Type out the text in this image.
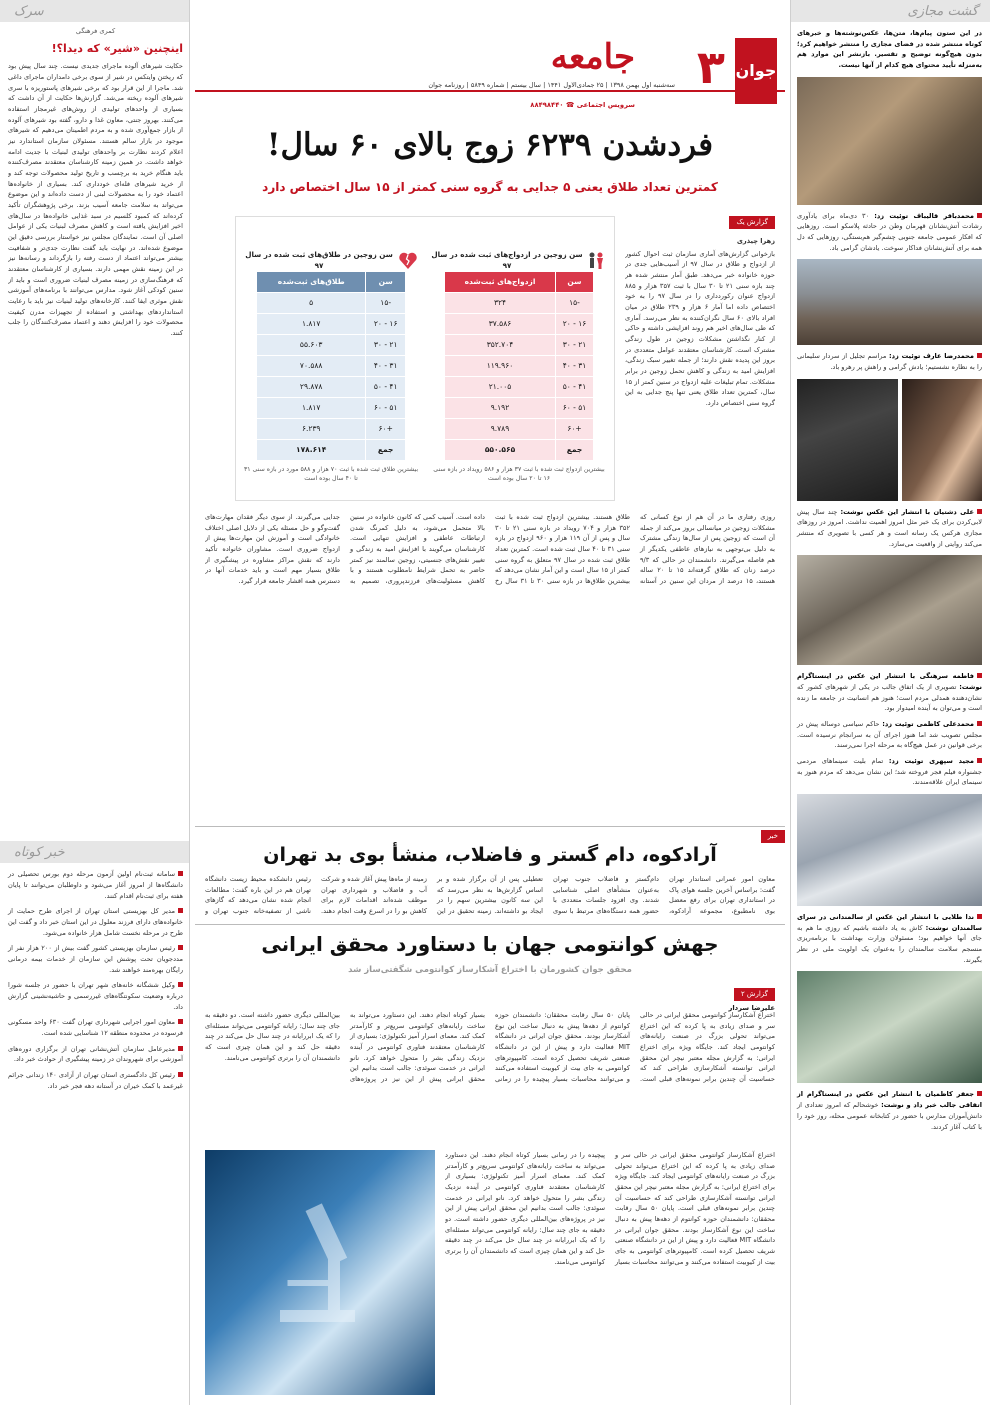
گشت مجازی

در این ستون پیام‌ها، متن‌ها، عکس‌نوشته‌ها و خبرهای کوتاه منتشر شده در فضای مجازی را منتشر خواهیم کرد؛ بدون هیچ‌گونه توضیح و تفسیر. بازنشر این موارد هم به‌منزله تأیید محتوای هیچ کدام از آنها نیست.

محمدباقر قالیباف توئیت زد: ۳۰ دی‌ماه برای یادآوری رشادت آتش‌نشانان قهرمان وطن در حادثه پلاسکو است. روزهایی که افکار عمومی جامعه جنوبی چشم‌گیر هم‌بستگی، روزهایی که دل همه برای آتش‌نشانان فداکار سوخت. یادشان گرامی باد.
محمدرضا عارف توئیت زد: مراسم تجلیل از سردار سلیمانی را به نظاره نشستیم؛ یادش گرامی و راهش پر رهرو باد.
علی دشتیان با انتشار این عکس نوشت: چند سال پیش لابی‌کردن برای یک خبر مثل امروز اهمیت نداشت. امروز در روزهای مجازی هرکس یک رسانه است و هر کسی با تصویری که منتشر می‌کند روایتی از واقعیت می‌سازد.
فاطمه سرهنگی با انتشار این عکس در اینستاگرام نوشت: تصویری از یک اتفاق جالب در یکی از شهرهای کشور که نشان‌دهنده همدلی مردم است؛ هنوز هم انسانیت در جامعه ما زنده است و می‌توان به آینده امیدوار بود.
محمدعلی کاظمی توئیت زد: حاکم سیاسی دوساله پیش در مجلس تصویب شد اما هنوز اجرای آن به سرانجام نرسیده است. برخی قوانین در عمل هیچ‌گاه به مرحله اجرا نمی‌رسند.
مجید سپهری توئیت زد: تمام بلیت سینماهای مردمی جشنواره فیلم فجر فروخته شد؛ این نشان می‌دهد که مردم هنوز به سینمای ایران علاقه‌مندند.
ندا طلایی با انتشار این عکس از سالمندانی در سرای سالمندان نوشت: کاش به یاد داشته باشیم که روزی ما هم به جای آنها خواهیم بود؛ مسئولان وزارت بهداشت با برنامه‌ریزی منسجم سلامت سالمندان را به‌عنوان یک اولویت ملی در نظر بگیرند.
جعفر کاظمیان با انتشار این عکس در اینستاگرام از اتفاقی جالب خبر داد و نوشت: خوشحالم که امروز تعدادی از دانش‌آموزان مدارس با حضور در کتابخانه عمومی محله، روز خود را با کتاب آغاز کردند.
سرک
کمری فرهنگی
اینچنین «شیر» که دیدا؟!

حکایت شیرهای آلوده ماجرای جدیدی نیست. چند سال پیش بود که ریختن وایتکس در شیر از سوی برخی دامداران ماجرای داغی شد. ماجرا از این قرار بود که برخی شیرهای پاستوریزه با سری شیرهای آلوده ریخته می‌شد. گزارش‌ها حکایت از آن داشت که بسیاری از واحدهای تولیدی از روش‌های غیرمجاز استفاده می‌کنند. بهروز جنتی، معاون غذا و دارو، گفته بود شیرهای آلوده از بازار جمع‌آوری شده و به مردم اطمینان می‌دهیم که شیرهای موجود در بازار سالم هستند. مسئولان سازمان استاندارد نیز اعلام کردند نظارت بر واحدهای تولیدی لبنیات با جدیت ادامه خواهد داشت. در همین زمینه کارشناسان معتقدند مصرف‌کننده باید هنگام خرید به برچسب و تاریخ تولید محصولات توجه کند و از خرید شیرهای فله‌ای خودداری کند. بسیاری از خانواده‌ها اعتماد خود را به محصولات لبنی از دست داده‌اند و این موضوع می‌تواند به سلامت جامعه آسیب بزند. برخی پژوهشگران تأکید کرده‌اند که کمبود کلسیم در سبد غذایی خانواده‌ها در سال‌های اخیر افزایش یافته است و کاهش مصرف لبنیات یکی از عوامل اصلی آن است. نمایندگان مجلس نیز خواستار بررسی دقیق این موضوع شده‌اند. در نهایت باید گفت نظارت جدی‌تر و شفافیت بیشتر می‌تواند اعتماد از دست رفته را بازگرداند و رسانه‌ها نیز در این زمینه نقش مهمی دارند. بسیاری از کارشناسان معتقدند که فرهنگ‌سازی در زمینه مصرف لبنیات ضروری است و باید از سنین کودکی آغاز شود. مدارس می‌توانند با برنامه‌های آموزشی نقش موثری ایفا کنند. کارخانه‌های تولید لبنیات نیز باید با رعایت استانداردهای بهداشتی و استفاده از تجهیزات مدرن کیفیت محصولات خود را افزایش دهند و اعتماد مصرف‌کنندگان را جلب کنند.

خبر کوتاه
سامانه ثبت‌نام اولین آزمون مرحله دوم بورس تحصیلی در دانشگاه‌ها از امروز آغاز می‌شود و داوطلبان می‌توانند تا پایان هفته برای ثبت‌نام اقدام کنند.
مدیر کل بهزیستی استان تهران از اجرای طرح حمایت از خانواده‌های دارای فرزند معلول در این استان خبر داد و گفت این طرح در مرحله نخست شامل هزار خانواده می‌شود.
رئیس سازمان بهزیستی کشور گفت بیش از ۲۰۰ هزار نفر از مددجویان تحت پوشش این سازمان از خدمات بیمه درمانی رایگان بهره‌مند خواهند شد.
وکیل ششگانه خانه‌های شهر تهران با حضور در جلسه شورا درباره وضعیت سکونتگاه‌های غیررسمی و حاشیه‌نشینی گزارش داد.
معاون امور اجرایی شهرداری تهران گفت ۶۳۰ واحد مسکونی فرسوده در محدوده منطقه ۱۲ شناسایی شده است.
مدیرعامل سازمان آتش‌نشانی تهران از برگزاری دوره‌های آموزشی برای شهروندان در زمینه پیشگیری از حوادث خبر داد.
رئیس کل دادگستری استان تهران از آزادی ۱۴۰ زندانی جرائم غیرعمد با کمک خیران در آستانه دهه فجر خبر داد.
جوان
۳
جامعه
سه‌شنبه اول بهمن ۱۳۹۸ | ۲۵ جمادی‌الاول ۱۴۴۱ | سال بیستم | شماره ۵۸۴۹ | روزنامه جوان
سرویس اجتماعی ☎ ۸۸۴۹۸۴۴۰
فردشدن ۶۲۳۹ زوج بالای ۶۰ سال!
کمترین تعداد طلاق یعنی ۵ جدایی به گروه سنی کمتر از ۱۵ سال اختصاص دارد
گزارش یک
زهرا چیذری
بازخوانی گزارش‌های آماری سازمان ثبت احوال کشور از ازدواج و طلاق در سال ۹۷ از آسیب‌هایی جدی در حوزه خانواده خبر می‌دهد. طبق آمار منتشر شده هر چند بازه سنی ۲۱ تا ۳۰ سال با ثبت ۳۵۷ هزار و ۸۸۵ ازدواج عنوان رکوردداری را در سال ۹۷ را به خود اختصاص داده اما آمار ۶ هزار و ۲۳۹ طلاق در میان افراد بالای ۶۰ سال نگران‌کننده به نظر می‌رسد. آماری که طی سال‌های اخیر هم روند افزایشی داشته و حاکی از کنار نگذاشتن مشکلات زوجین در طول زندگی مشترک است. کارشناسان معتقدند عوامل متعددی در بروز این پدیده نقش دارند؛ از جمله تغییر سبک زندگی، افزایش امید به زندگی و کاهش تحمل زوجین در برابر مشکلات. تمام تبلیغات علیه ازدواج در سنین کمتر از ۱۵ سال، کمترین تعداد طلاق یعنی تنها پنج جدایی به این گروه سنی اختصاص دارد.
سن زوجین در ازدواج‌های ثبت شده در سال ۹۷
سن	ازدواج‌های ثبت‌شده
-۱۵	۳۲۴
۱۶ - ۲۰	۳۷.۵۸۶
۲۱ - ۳۰	۳۵۲.۷۰۴
۳۱ - ۴۰	۱۱۹.۹۶۰
۴۱ - ۵۰	۲۱.۰۰۵
۵۱ - ۶۰	۹.۱۹۲
+۶۰	۹.۷۸۹
جمع	۵۵۰.۵۶۵
بیشترین ازدواج ثبت شده با ثبت ۳۷ هزار و ۵۸۶ رویداد در بازه سنی ۱۶ تا ۲۰ سال بوده است
سن زوجین در طلاق‌های ثبت شده در سال ۹۷
سن	طلاق‌های ثبت‌شده
-۱۵	۵
۱۶ - ۲۰	۱.۸۱۷
۲۱ - ۳۰	۵۵.۶۰۳
۳۱ - ۴۰	۷۰.۵۸۸
۴۱ - ۵۰	۲۹.۸۷۸
۵۱ - ۶۰	۱.۸۱۷
+۶۰	۶.۲۳۹
جمع	۱۷۸.۶۱۴
بیشترین طلاق ثبت شده با ثبت ۷۰ هزار و ۵۸۸ مورد در بازه سنی ۳۱ تا ۴۰ سال بوده است
روزی رفتاری ما در آن هم از نوع کسانی که مشکلات زوجین در میانسالی بروز می‌کند از جمله آن است که زوجین پس از سال‌ها زندگی مشترک به دلیل بی‌توجهی به نیازهای عاطفی یکدیگر از هم فاصله می‌گیرند. دانشمندان در حالی که ۹/۳ درصد زنان که طلاق گرفته‌اند ۱۵ تا ۲۰ ساله هستند، ۱۵ درصد از مردان این سنین در آستانه طلاق هستند. بیشترین ازدواج ثبت شده با ثبت ۳۵۲ هزار و ۷۰۴ رویداد در بازه سنی ۲۱ تا ۳۰ سال و پس از آن ۱۱۹ هزار و ۹۶۰ ازدواج در بازه سنی ۳۱ تا ۴۰ سال ثبت شده است. کمترین تعداد طلاق ثبت شده در سال ۹۷ متعلق به گروه سنی کمتر از ۱۵ سال است و این آمار نشان می‌دهد که بیشترین طلاق‌ها در بازه سنی ۳۰ تا ۳۱ سال رخ داده است. آسیب کمی که کانون خانواده در سنین بالا متحمل می‌شود، به دلیل کمرنگ شدن ارتباطات عاطفی و افزایش تنهایی است. کارشناسان می‌گویند با افزایش امید به زندگی و تغییر نقش‌های جنسیتی، زوجین سالمند نیز کمتر حاضر به تحمل شرایط نامطلوب هستند و با کاهش مسئولیت‌های فرزندپروری، تصمیم به جدایی می‌گیرند. از سوی دیگر فقدان مهارت‌های گفت‌وگو و حل مسئله یکی از دلایل اصلی اختلاف خانوادگی است و آموزش این مهارت‌ها پیش از ازدواج ضروری است. مشاوران خانواده تأکید دارند که نقش مراکز مشاوره در پیشگیری از طلاق بسیار مهم است و باید خدمات آنها در دسترس همه اقشار جامعه قرار گیرد.
خبر
آرادکوه، دام گستر و فاضلاب، منشأ بوی بد تهران
معاون امور عمرانی استاندار تهران گفت: براساس آخرین جلسه هوای پاک در استانداری تهران برای رفع معضل بوی نامطبوع، مجموعه آرادکوه، دام‌گستر و فاضلاب جنوب تهران به‌عنوان منشأهای اصلی شناسایی شدند. وی افزود جلسات متعددی با حضور همه دستگاه‌های مرتبط با سوی تعطیلی پس از آن برگزار شده و بر اساس گزارش‌ها به نظر می‌رسد که این سه کانون بیشترین سهم را در ایجاد بو داشته‌اند. زمینه تحقیق در این زمینه از ماه‌ها پیش آغاز شده و شرکت آب و فاضلاب و شهرداری تهران موظف شده‌اند اقدامات لازم برای کاهش بو را در اسرع وقت انجام دهند. رئیس دانشکده محیط زیست دانشگاه تهران هم در این باره گفت: مطالعات انجام شده نشان می‌دهد که گازهای ناشی از تصفیه‌خانه جنوب تهران و
جهش کوانتومی جهان با دستاورد محقق ایرانی
محقق جوان کشورمان با اختراع آشکارساز کوانتومی شگفتی‌ساز شد
گزارش ۲
علیرضا سردار
اختراع آشکارساز کوانتومی محقق ایرانی در حالی سر و صدای زیادی به پا کرده که این اختراع می‌تواند تحولی بزرگ در صنعت رایانه‌های کوانتومی ایجاد کند. جایگاه ویژه برای اختراع ایرانی: به گزارش مجله معتبر نیچر این محقق ایرانی توانسته آشکارسازی طراحی کند که حساسیت آن چندین برابر نمونه‌های قبلی است. پایان ۵۰ سال رقابت محققان: دانشمندان حوزه کوانتوم از دهه‌ها پیش به دنبال ساخت این نوع آشکارساز بودند. محقق جوان ایرانی در دانشگاه MIT فعالیت دارد و پیش از این در دانشگاه صنعتی شریف تحصیل کرده است. کامپیوترهای کوانتومی به جای بیت از کیوبیت استفاده می‌کنند و می‌توانند محاسبات بسیار پیچیده را در زمانی بسیار کوتاه انجام دهند. این دستاورد می‌تواند به ساخت رایانه‌های کوانتومی سریع‌تر و کارآمدتر کمک کند. معمای اسرار آمیز تکنولوژی: بسیاری از کارشناسان معتقدند فناوری کوانتومی در آینده نزدیک زندگی بشر را متحول خواهد کرد. نانو ایرانی در خدمت سوئدی: جالب است بدانیم این محقق ایرانی پیش از این نیز در پروژه‌های بین‌المللی دیگری حضور داشته است. دو دقیقه به جای چند سال: رایانه کوانتومی می‌تواند مسئله‌ای را که یک ابررایانه در چند سال حل می‌کند در چند دقیقه حل کند و این همان چیزی است که دانشمندان آن را برتری کوانتومی می‌نامند.
اختراع آشکارساز کوانتومی محقق ایرانی در حالی سر و صدای زیادی به پا کرده که این اختراع می‌تواند تحولی بزرگ در صنعت رایانه‌های کوانتومی ایجاد کند. جایگاه ویژه برای اختراع ایرانی: به گزارش مجله معتبر نیچر این محقق ایرانی توانسته آشکارسازی طراحی کند که حساسیت آن چندین برابر نمونه‌های قبلی است. پایان ۵۰ سال رقابت محققان: دانشمندان حوزه کوانتوم از دهه‌ها پیش به دنبال ساخت این نوع آشکارساز بودند. محقق جوان ایرانی در دانشگاه MIT فعالیت دارد و پیش از این در دانشگاه صنعتی شریف تحصیل کرده است. کامپیوترهای کوانتومی به جای بیت از کیوبیت استفاده می‌کنند و می‌توانند محاسبات بسیار پیچیده را در زمانی بسیار کوتاه انجام دهند. این دستاورد می‌تواند به ساخت رایانه‌های کوانتومی سریع‌تر و کارآمدتر کمک کند. معمای اسرار آمیز تکنولوژی: بسیاری از کارشناسان معتقدند فناوری کوانتومی در آینده نزدیک زندگی بشر را متحول خواهد کرد. نانو ایرانی در خدمت سوئدی: جالب است بدانیم این محقق ایرانی پیش از این نیز در پروژه‌های بین‌المللی دیگری حضور داشته است. دو دقیقه به جای چند سال: رایانه کوانتومی می‌تواند مسئله‌ای را که یک ابررایانه در چند سال حل می‌کند در چند دقیقه حل کند و این همان چیزی است که دانشمندان آن را برتری کوانتومی می‌نامند.
